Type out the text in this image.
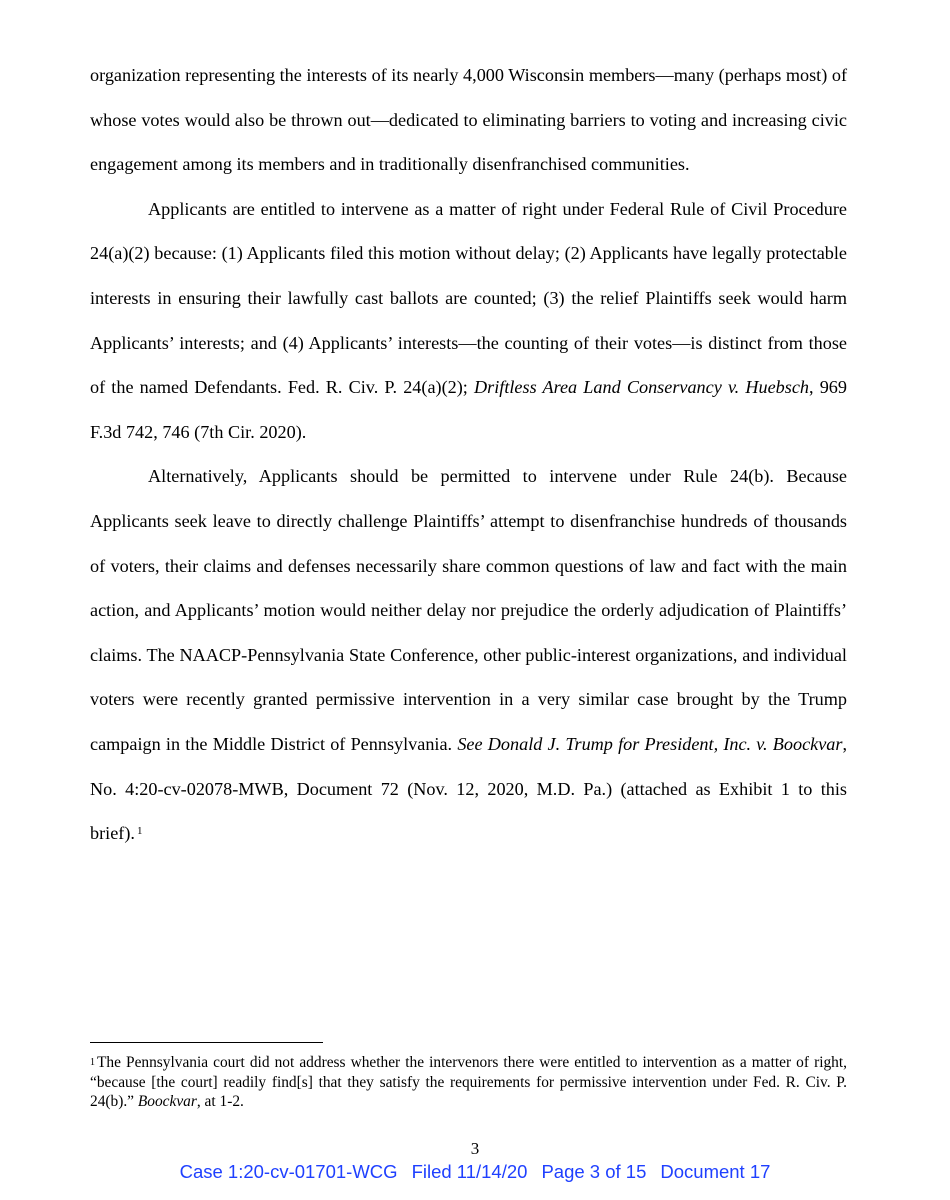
organization representing the interests of its nearly 4,000 Wisconsin members—many (perhaps most) of whose votes would also be thrown out—dedicated to eliminating barriers to voting and increasing civic engagement among its members and in traditionally disenfranchised communities.

Applicants are entitled to intervene as a matter of right under Federal Rule of Civil Procedure 24(a)(2) because: (1) Applicants filed this motion without delay; (2) Applicants have legally protectable interests in ensuring their lawfully cast ballots are counted; (3) the relief Plaintiffs seek would harm Applicants’ interests; and (4) Applicants’ interests—the counting of their votes—is distinct from those of the named Defendants. Fed. R. Civ. P. 24(a)(2); Driftless Area Land Conservancy v. Huebsch, 969 F.3d 742, 746 (7th Cir. 2020).

Alternatively, Applicants should be permitted to intervene under Rule 24(b). Because Applicants seek leave to directly challenge Plaintiffs’ attempt to disenfranchise hundreds of thousands of voters, their claims and defenses necessarily share common questions of law and fact with the main action, and Applicants’ motion would neither delay nor prejudice the orderly adjudication of Plaintiffs’ claims. The NAACP-Pennsylvania State Conference, other public-interest organizations, and individual voters were recently granted permissive intervention in a very similar case brought by the Trump campaign in the Middle District of Pennsylvania. See Donald J. Trump for President, Inc. v. Boockvar, No. 4:20-cv-02078-MWB, Document 72 (Nov. 12, 2020, M.D. Pa.) (attached as Exhibit 1 to this brief). $^1$

$^1$ The Pennsylvania court did not address whether the intervenors there were entitled to intervention as a matter of right, “because [the court] readily find[s] that they satisfy the requirements for permissive intervention under Fed. R. Civ. P. 24(b).” Boockvar, at 1-2.
3
Case 1:20-cv-01701-WCG Filed 11/14/20 Page 3 of 15 Document 17
